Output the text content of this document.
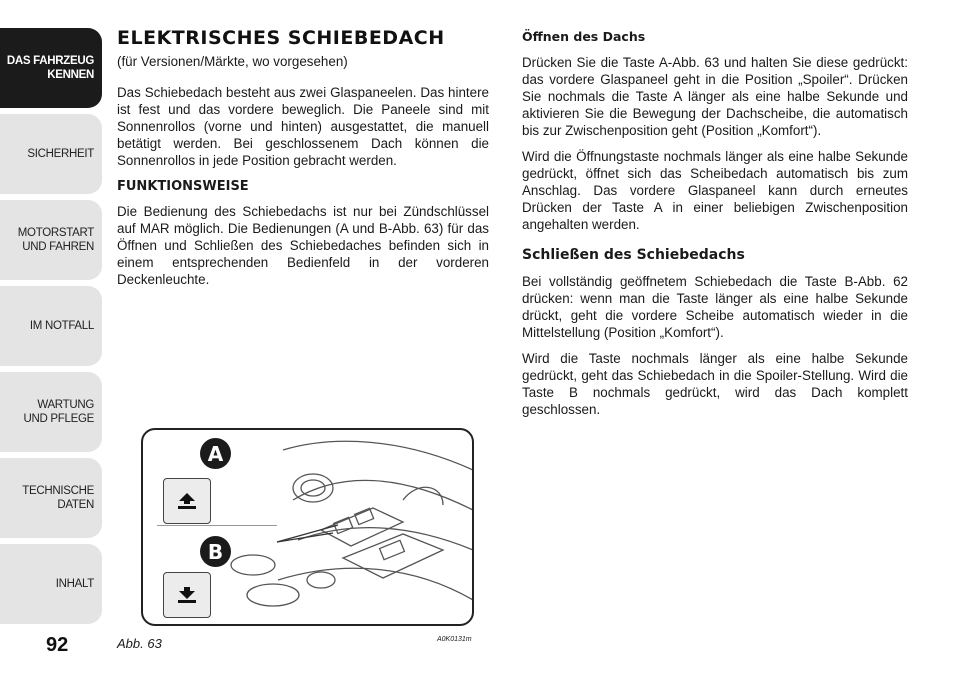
DAS FAHRZEUG
KENNEN
SICHERHEIT
MOTORSTART
UND FAHREN
IM NOTFALL
WARTUNG
UND PFLEGE
TECHNISCHE
DATEN
INHALT
92
ELEKTRISCHES SCHIEBEDACH
(für Versionen/Märkte, wo vorgesehen)

Das Schiebedach besteht aus zwei Glaspaneelen. Das hintere ist fest und das vordere beweglich. Die Paneele sind mit Sonnenrollos (vorne und hinten) ausgestattet, die manuell betätigt werden. Bei geschlossenem Dach können die Sonnenrollos in jede Position gebracht werden.

FUNKTIONSWEISE

Die Bedienung des Schiebedachs ist nur bei Zündschlüssel auf MAR möglich. Die Bedienungen (A und B-Abb. 63) für das Öffnen und Schließen des Schiebedaches befinden sich in einem entsprechenden Bedienfeld in der vorderen Deckenleuchte.

Öffnen des Dachs

Drücken Sie die Taste A-Abb. 63 und halten Sie diese gedrückt: das vordere Glaspaneel geht in die Position „Spoiler“. Drücken Sie nochmals die Taste A länger als eine halbe Sekunde und aktivieren Sie die Bewegung der Dachscheibe, die automatisch bis zur Zwischenposition geht (Position „Komfort“).

Wird die Öffnungstaste nochmals länger als eine halbe Sekunde gedrückt, öffnet sich das Scheibedach automatisch bis zum Anschlag. Das vordere Glaspaneel kann durch erneutes Drücken der Taste A in einer beliebigen Zwischenposition angehalten werden.

Schließen des Schiebedachs

Bei vollständig geöffnetem Schiebedach die Taste B-Abb. 62 drücken: wenn man die Taste länger als eine halbe Sekunde drückt, geht die vordere Scheibe automatisch wieder in die Mittelstellung (Position „Komfort“).

Wird die Taste nochmals länger als eine halbe Sekunde gedrückt, geht das Schiebedach in die Spoiler-Stellung. Wird die Taste B nochmals gedrückt, wird das Dach komplett geschlossen.

A
B
Abb. 63	A0K0131m
